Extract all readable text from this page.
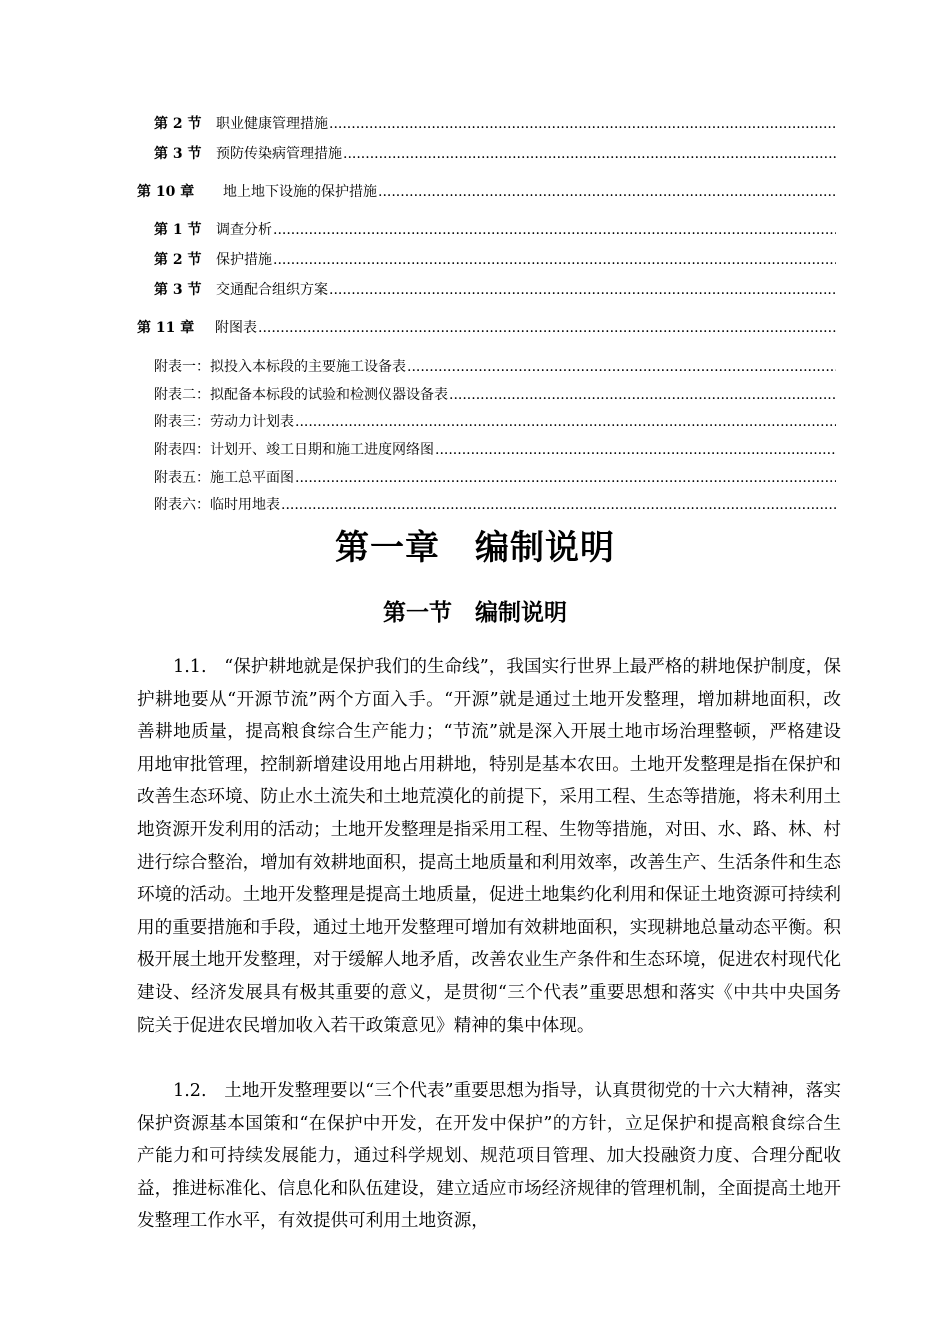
第 2 节	职业健康管理措施
.....
第 3 节	预防传染病管理措施
.....
第 10 章	地上地下设施的保护措施
.....
第 1 节	调查分析
.....
第 2 节	保护措施
.....
第 3 节	交通配合组织方案
.....
第 11 章	附图表
.....
附表一：拟投入本标段的主要施工设备表
.....
附表二：拟配备本标段的试验和检测仪器设备表
.....
附表三：劳动力计划表
.....
附表四：计划开、竣工日期和施工进度网络图
.....
附表五：施工总平面图
.....
附表六：临时用地表
.....
第一章　编制说明
第一节　编制说明
1.1.　“保护耕地就是保护我们的生命线”，我国实行世界上最严格的耕地保护制度，保护耕地要从“开源节流”两个方面入手。“开源”就是通过土地开发整理，增加耕地面积，改善耕地质量，提高粮食综合生产能力；“节流”就是深入开展土地市场治理整顿，严格建设用地审批管理，控制新增建设用地占用耕地，特别是基本农田。土地开发整理是指在保护和改善生态环境、防止水土流失和土地荒漠化的前提下，采用工程、生态等措施，将未利用土地资源开发利用的活动；土地开发整理是指采用工程、生物等措施，对田、水、路、林、村进行综合整治，增加有效耕地面积，提高土地质量和利用效率，改善生产、生活条件和生态环境的活动。土地开发整理是提高土地质量，促进土地集约化利用和保证土地资源可持续利用的重要措施和手段，通过土地开发整理可增加有效耕地面积，实现耕地总量动态平衡。积极开展土地开发整理，对于缓解人地矛盾，改善农业生产条件和生态环境，促进农村现代化建设、经济发展具有极其重要的意义，是贯彻“三个代表”重要思想和落实《中共中央国务院关于促进农民增加收入若干政策意见》精神的集中体现。
1.2.　土地开发整理要以“三个代表”重要思想为指导，认真贯彻党的十六大精神，落实保护资源基本国策和“在保护中开发，在开发中保护”的方针，立足保护和提高粮食综合生产能力和可持续发展能力，通过科学规划、规范项目管理、加大投融资力度、合理分配收益，推进标准化、信息化和队伍建设，建立适应市场经济规律的管理机制，全面提高土地开发整理工作水平，有效提供可利用土地资源，
